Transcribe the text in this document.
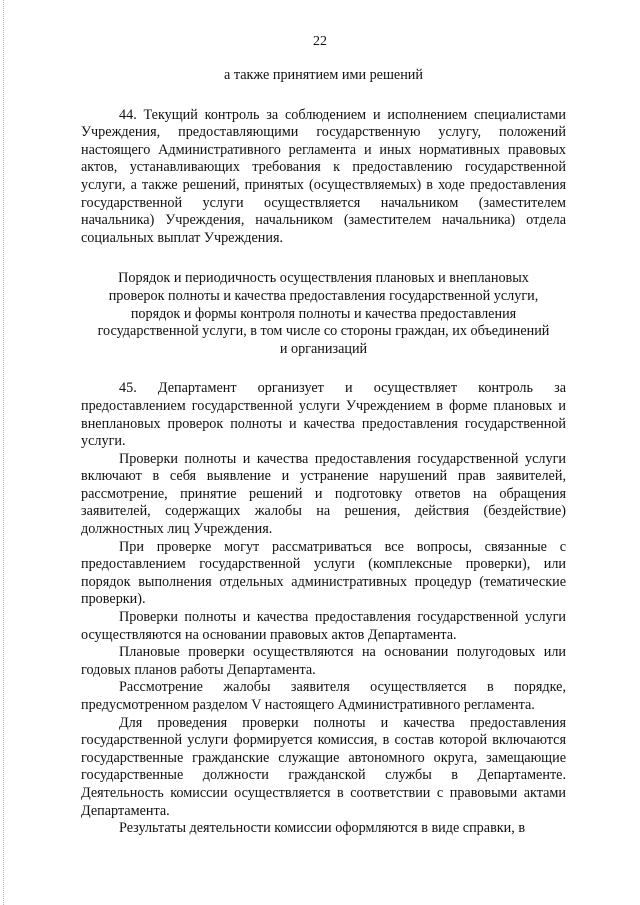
22

а также принятием ими решений

44. Текущий контроль за соблюдением и исполнением специалистами Учреждения, предоставляющими государственную услугу, положений настоящего Административного регламента и иных нормативных правовых актов, устанавливающих требования к предоставлению государственной услуги, а также решений, принятых (осуществляемых) в ходе предоставления государственной услуги осуществляется начальником (заместителем начальника) Учреждения, начальником (заместителем начальника) отдела социальных выплат Учреждения.

Порядок и периодичность осуществления плановых и внеплановых
проверок полноты и качества предоставления государственной услуги,
порядок и формы контроля полноты и качества предоставления
государственной услуги, в том числе со стороны граждан, их объединений
и организаций

45. Департамент организует и осуществляет контроль за предоставлением государственной услуги Учреждением в форме плановых и внеплановых проверок полноты и качества предоставления государственной услуги.

Проверки полноты и качества предоставления государственной услуги включают в себя выявление и устранение нарушений прав заявителей, рассмотрение, принятие решений и подготовку ответов на обращения заявителей, содержащих жалобы на решения, действия (бездействие) должностных лиц Учреждения.

При проверке могут рассматриваться все вопросы, связанные с предоставлением государственной услуги (комплексные проверки), или порядок выполнения отдельных административных процедур (тематические проверки).

Проверки полноты и качества предоставления государственной услуги осуществляются на основании правовых актов Департамента.

Плановые проверки осуществляются на основании полугодовых или годовых планов работы Департамента.

Рассмотрение жалобы заявителя осуществляется в порядке, предусмотренном разделом V настоящего Административного регламента.

Для проведения проверки полноты и качества предоставления государственной услуги формируется комиссия, в состав которой включаются государственные гражданские служащие автономного округа, замещающие государственные должности гражданской службы в Департаменте. Деятельность комиссии осуществляется в соответствии с правовыми актами Департамента.

Результаты деятельности комиссии оформляются в виде справки, в
